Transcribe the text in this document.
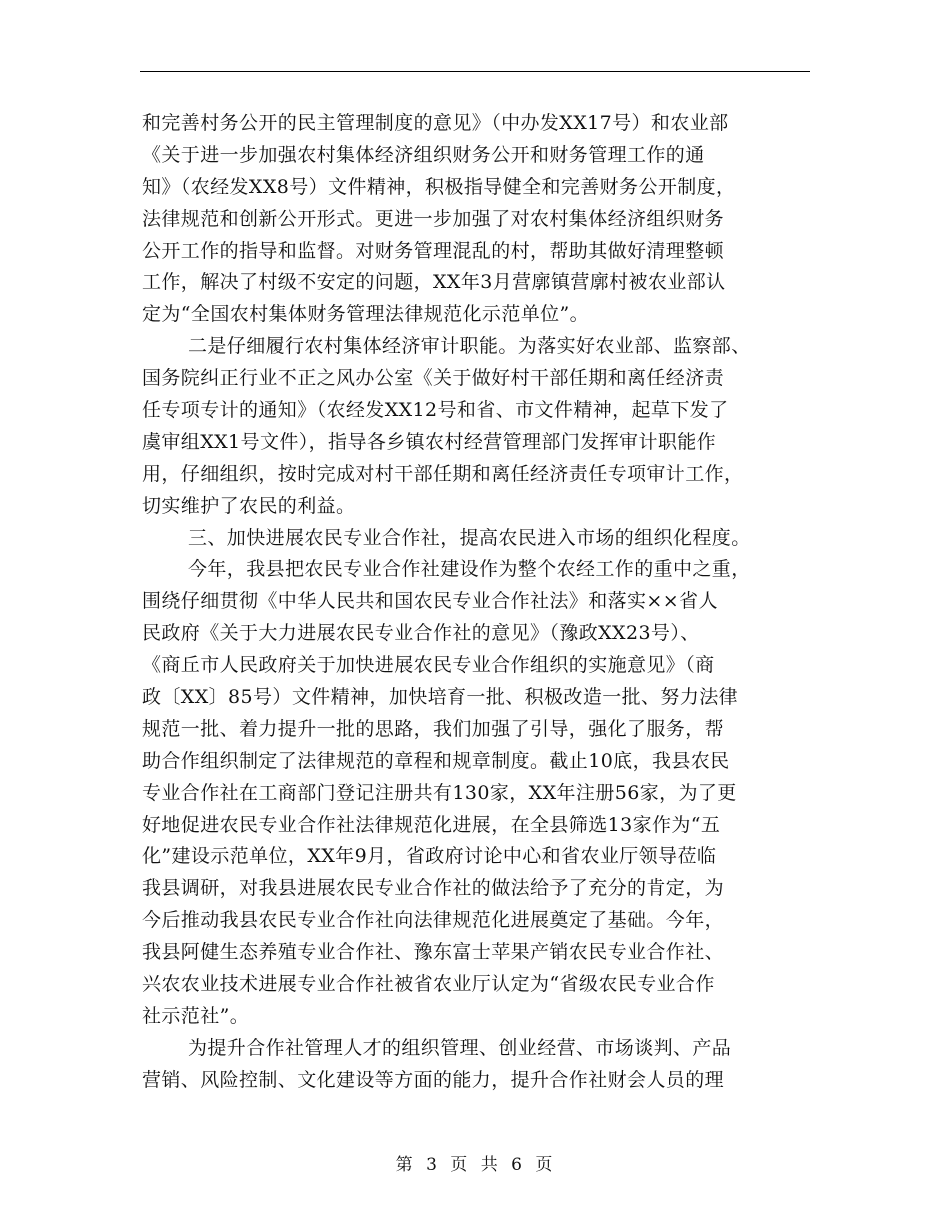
和完善村务公开的民主管理制度的意见》（中办发XX17号）和农业部
《关于进一步加强农村集体经济组织财务公开和财务管理工作的通
知》（农经发XX8号）文件精神，积极指导健全和完善财务公开制度，
法律规范和创新公开形式。更进一步加强了对农村集体经济组织财务
公开工作的指导和监督。对财务管理混乱的村，帮助其做好清理整顿
工作，解决了村级不安定的问题，XX年3月营廓镇营廓村被农业部认
定为“全国农村集体财务管理法律规范化示范单位”。
二是仔细履行农村集体经济审计职能。为落实好农业部、监察部、
国务院纠正行业不正之风办公室《关于做好村干部任期和离任经济责
任专项专计的通知》（农经发XX12号和省、市文件精神，起草下发了
虞审组XX1号文件），指导各乡镇农村经营管理部门发挥审计职能作
用，仔细组织，按时完成对村干部任期和离任经济责任专项审计工作，
切实维护了农民的利益。
三、加快进展农民专业合作社，提高农民进入市场的组织化程度。
今年，我县把农民专业合作社建设作为整个农经工作的重中之重，
围绕仔细贯彻《中华人民共和国农民专业合作社法》和落实××省人
民政府《关于大力进展农民专业合作社的意见》（豫政XX23号）、
《商丘市人民政府关于加快进展农民专业合作组织的实施意见》（商
政〔XX〕85号）文件精神，加快培育一批、积极改造一批、努力法律
规范一批、着力提升一批的思路，我们加强了引导，强化了服务，帮
助合作组织制定了法律规范的章程和规章制度。截止10底，我县农民
专业合作社在工商部门登记注册共有130家，XX年注册56家，为了更
好地促进农民专业合作社法律规范化进展，在全县筛选13家作为“五
化”建设示范单位，XX年9月，省政府讨论中心和省农业厅领导莅临
我县调研，对我县进展农民专业合作社的做法给予了充分的肯定，为
今后推动我县农民专业合作社向法律规范化进展奠定了基础。今年，
我县阿健生态养殖专业合作社、豫东富士苹果产销农民专业合作社、
兴农农业技术进展专业合作社被省农业厅认定为“省级农民专业合作
社示范社”。
为提升合作社管理人才的组织管理、创业经营、市场谈判、产品
营销、风险控制、文化建设等方面的能力，提升合作社财会人员的理
第 3 页 共 6 页
